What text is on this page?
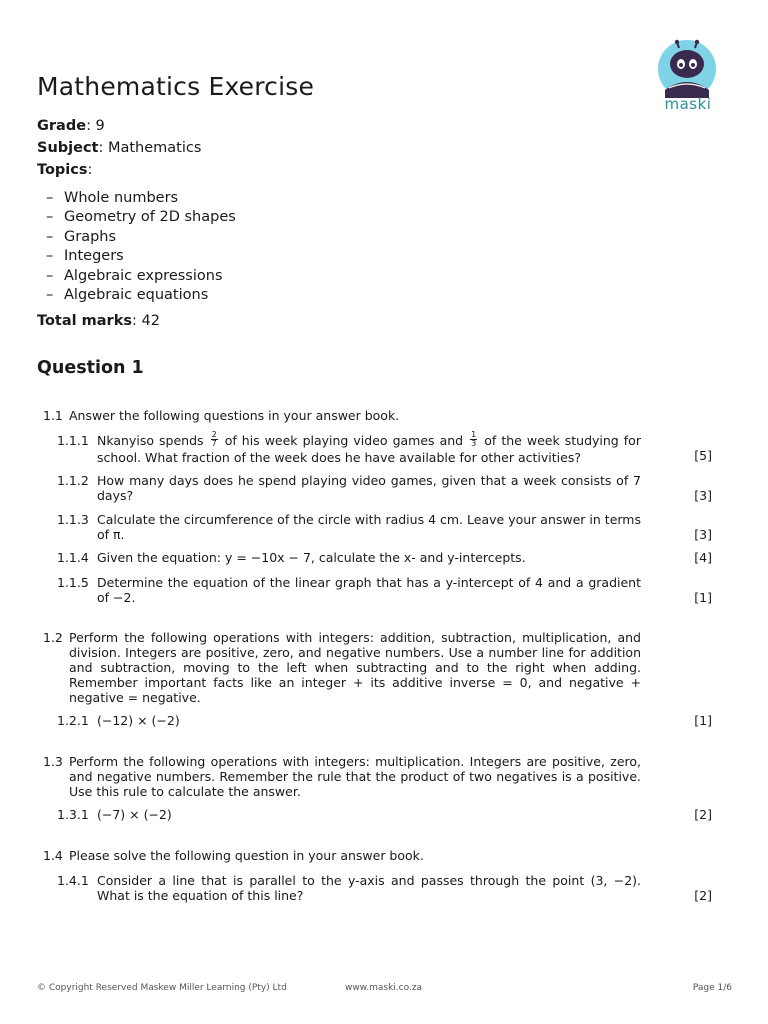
maski
Mathematics Exercise
Grade: 9
Subject: Mathematics
Topics:
– Whole numbers
– Geometry of 2D shapes
– Graphs
– Integers
– Algebraic expressions
– Algebraic equations
Total marks: 42
Question 1
1.1 Answer the following questions in your answer book.
1.1.1 Nkanyiso spends $\frac{2}{7}$ of his week playing video games and $\frac{1}{3}$ of the week studying for school. What fraction of the week does he have available for other activities?	[5]
1.1.2 How many days does he spend playing video games, given that a week consists of 7 days?	[3]
1.1.3 Calculate the circumference of the circle with radius 4 cm. Leave your answer in terms of π.	[3]
1.1.4 Given the equation: y = −10x − 7, calculate the x- and y-intercepts.	[4]
1.1.5 Determine the equation of the linear graph that has a y-intercept of 4 and a gradient of −2.	[1]
1.2 Perform the following operations with integers: addition, subtraction, multiplication, and division. Integers are positive, zero, and negative numbers. Use a number line for addition and subtraction, moving to the left when subtracting and to the right when adding. Remember important facts like an integer + its additive inverse = 0, and negative + negative = negative.
1.2.1 (−12) × (−2)	[1]
1.3 Perform the following operations with integers: multiplication. Integers are positive, zero, and negative numbers. Remember the rule that the product of two negatives is a positive. Use this rule to calculate the answer.
1.3.1 (−7) × (−2)	[2]
1.4 Please solve the following question in your answer book.
1.4.1 Consider a line that is parallel to the y-axis and passes through the point (3, −2). What is the equation of this line?	[2]
© Copyright Reserved Maskew Miller Learning (Pty) Ltd	www.maski.co.za	Page 1/6
